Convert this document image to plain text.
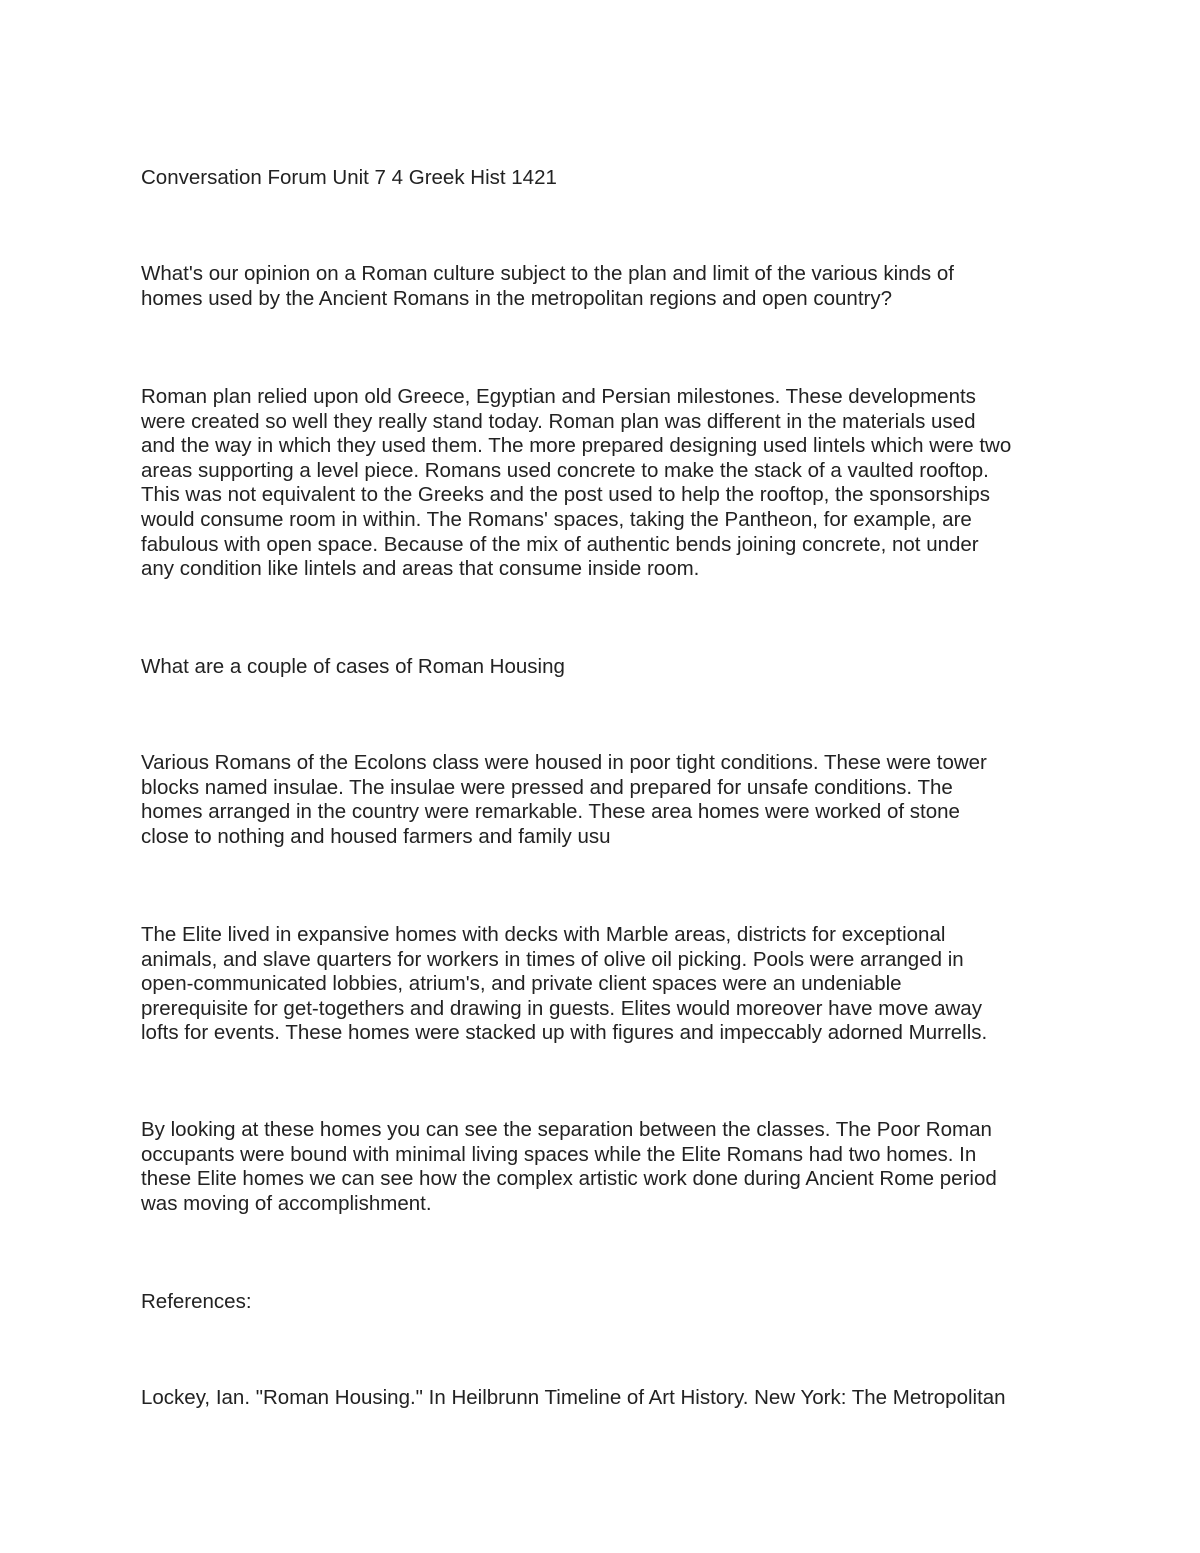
Conversation Forum Unit 7 4 Greek Hist 1421

What's our opinion on a Roman culture subject to the plan and limit of the various kinds of
homes used by the Ancient Romans in the metropolitan regions and open country?

Roman plan relied upon old Greece, Egyptian and Persian milestones. These developments
were created so well they really stand today. Roman plan was different in the materials used
and the way in which they used them. The more prepared designing used lintels which were two
areas supporting a level piece. Romans used concrete to make the stack of a vaulted rooftop.
This was not equivalent to the Greeks and the post used to help the rooftop, the sponsorships
would consume room in within. The Romans' spaces, taking the Pantheon, for example, are
fabulous with open space. Because of the mix of authentic bends joining concrete, not under
any condition like lintels and areas that consume inside room.

What are a couple of cases of Roman Housing

Various Romans of the Ecolons class were housed in poor tight conditions. These were tower
blocks named insulae. The insulae were pressed and prepared for unsafe conditions. The
homes arranged in the country were remarkable. These area homes were worked of stone
close to nothing and housed farmers and family usu

The Elite lived in expansive homes with decks with Marble areas, districts for exceptional
animals, and slave quarters for workers in times of olive oil picking. Pools were arranged in
open-communicated lobbies, atrium's, and private client spaces were an undeniable
prerequisite for get-togethers and drawing in guests. Elites would moreover have move away
lofts for events. These homes were stacked up with figures and impeccably adorned Murrells.

By looking at these homes you can see the separation between the classes. The Poor Roman
occupants were bound with minimal living spaces while the Elite Romans had two homes. In
these Elite homes we can see how the complex artistic work done during Ancient Rome period
was moving of accomplishment.

References:

Lockey, Ian. "Roman Housing." In Heilbrunn Timeline of Art History. New York: The Metropolitan
